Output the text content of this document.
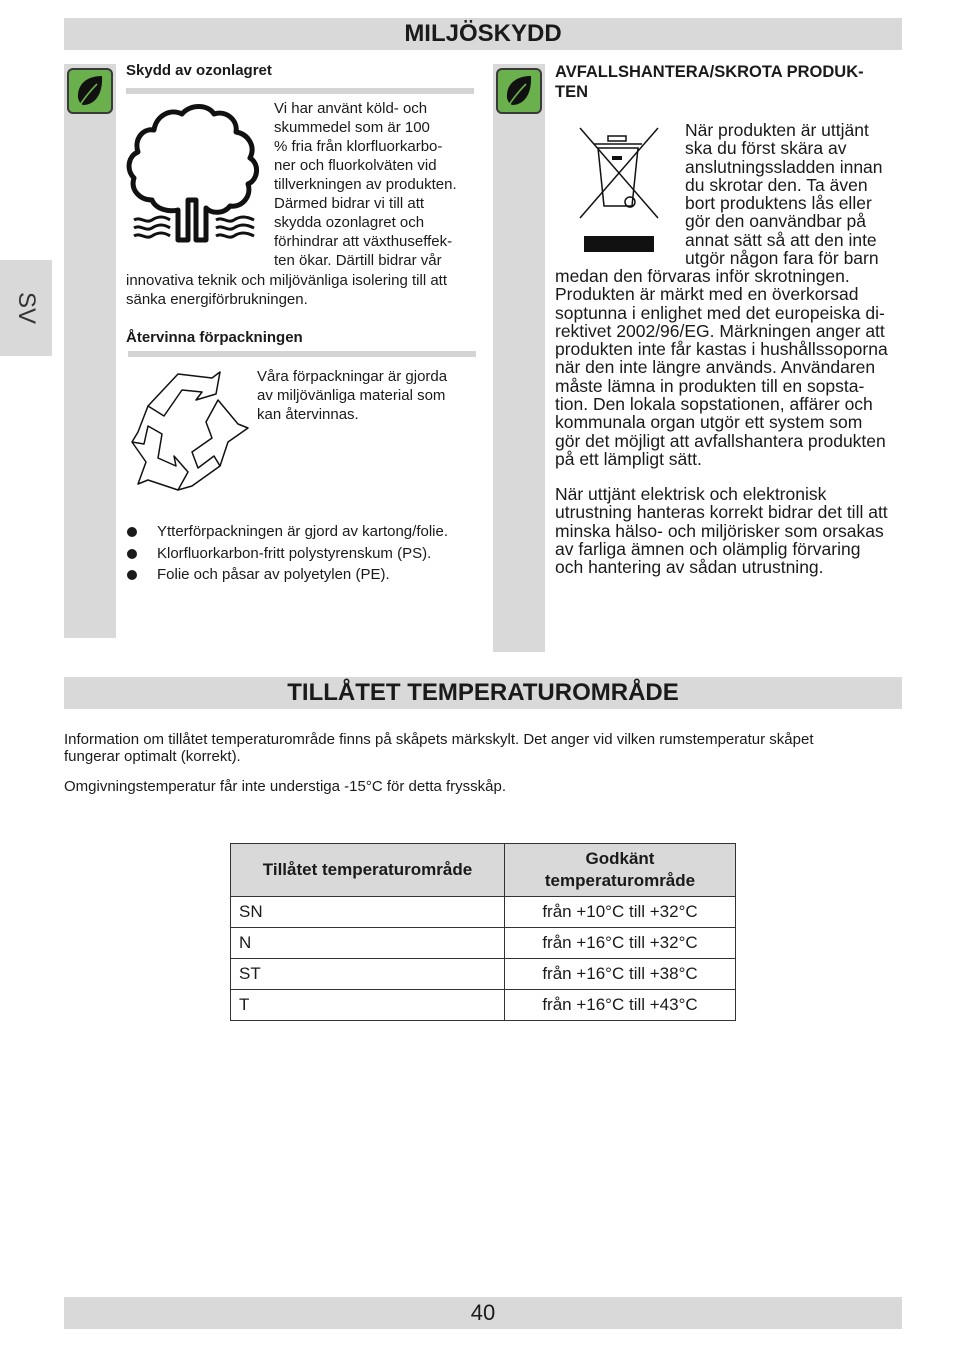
SV
MILJÖSKYDD
Skydd av ozonlagret
Vi har använt köld- och
skummedel som är 100
% fria från klorfluorkarbo-
ner och fluorkolväten vid
tillverkningen av produkten.
Därmed bidrar vi till att
skydda ozonlagret och
förhindrar att växthuseffek-
ten ökar. Därtill bidrar vår
innovativa teknik och miljövänliga isolering till att
sänka energiförbrukningen.
Återvinna förpackningen
Våra förpackningar är gjorda
av miljövänliga material som
kan återvinnas.
Ytterförpackningen är gjord av kartong/folie.
Klorfluorkarbon-fritt polystyrenskum (PS).
Folie och påsar av polyetylen (PE).
AVFALLSHANTERA/SKROTA PRODUK-
TEN
När produkten är uttjänt
ska du först skära av
anslutningssladden innan
du skrotar den. Ta även
bort produktens lås eller
gör den oanvändbar på
annat sätt så att den inte
utgör någon fara för barn
medan den förvaras inför skrotningen.
Produkten är märkt med en överkorsad
soptunna i enlighet med det europeiska di-
rektivet 2002/96/EG. Märkningen anger att
produkten inte får kastas i hushållssoporna
när den inte längre används. Användaren
måste lämna in produkten till en sopsta-
tion. Den lokala sopstationen, affärer och
kommunala organ utgör ett system som
gör det möjligt att avfallshantera produkten
på ett lämpligt sätt.
När uttjänt elektrisk och elektronisk
utrustning hanteras korrekt bidrar det till att
minska hälso- och miljörisker som orsakas
av farliga ämnen och olämplig förvaring
och hantering av sådan utrustning.
TILLÅTET TEMPERATUROMRÅDE
Information om tillåtet temperaturområde finns på skåpets märkskylt. Det anger vid vilken rumstemperatur skåpet
fungerar optimalt (korrekt).
Omgivningstemperatur får inte understiga -15°C för detta frysskåp.
Tillåtet temperaturområde	Godkänt
temperaturområde

SN	från +10°C till +32°C
N	från +16°C till +32°C
ST	från +16°C till +38°C
T	från +16°C till +43°C
40
